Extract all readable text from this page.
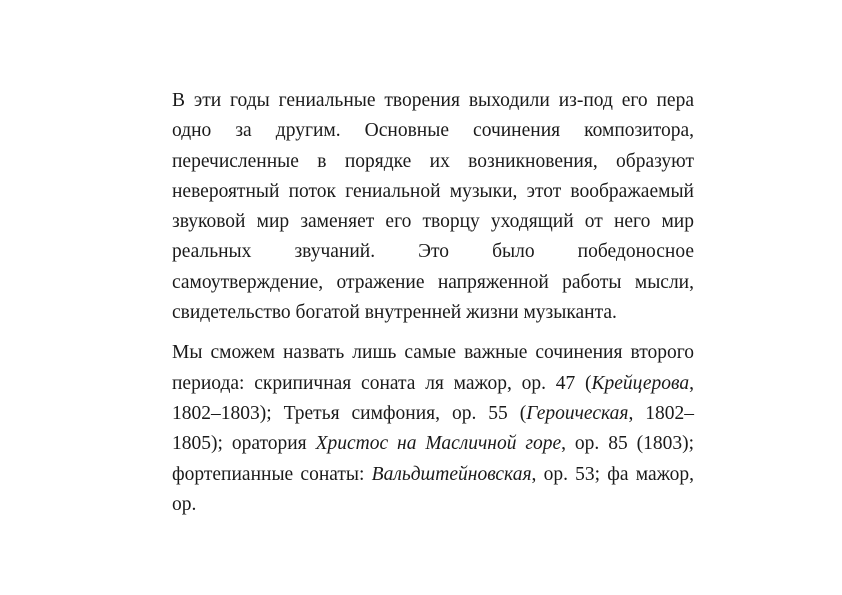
В эти годы гениальные творения выходили из-под его пера одно за другим. Основные сочинения композитора, перечисленные в порядке их возникновения, образуют невероятный поток гениальной музыки, этот воображаемый звуковой мир заменяет его творцу уходящий от него мир реальных звучаний. Это было победоносное самоутверждение, отражение напряженной работы мысли, свидетельство богатой внутренней жизни музыканта.

Мы сможем назвать лишь самые важные сочинения второго периода: скрипичная соната ля мажор, ор. 47 (Крейцерова, 1802–1803); Третья симфония, ор. 55 (Героическая, 1802–1805); оратория Христос на Масличной горе, ор. 85 (1803); фортепианные сонаты: Вальдштейновская, ор. 53; фа мажор, ор.
